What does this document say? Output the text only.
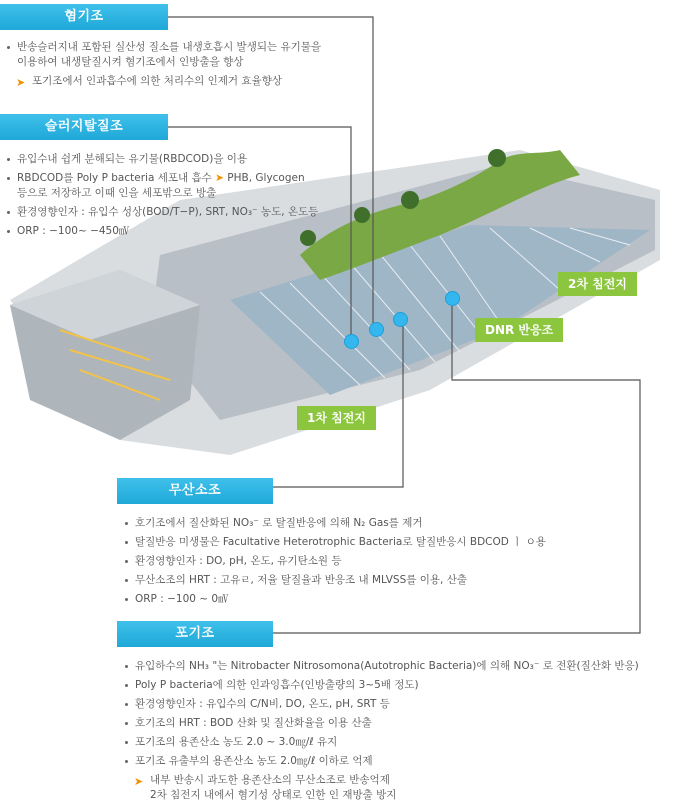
2차 침전지
DNR 반응조
1차 침전지
혐기조
반송슬러지내 포함된 실산성 질소를 내생호흡시 발생되는 유기물을
이용하여 내생탈질시켜 혐기조에서 인방출을 향상
➤ 포기조에서 인과흡수에 의한 처리수의 인제거 효율향상
슬러지탈질조
유입수내 쉽게 분해되는 유기물(RBDCOD)을 이용
RBDCOD를 Poly P bacteria 세포내 흡수 ➤ PHB, Glycogen
등으로 저장하고 이때 인을 세포밖으로 방출
환경영향인자 : 유입수 성상(BOD/T−P), SRT, NO₃⁻ 농도, 온도등
ORP : −100~ −450㎷
무산소조
호기조에서 질산화된 NO₃⁻ 로 탈질반응에 의해 N₂ Gas를 제거
탈질반응 미생물은 Facultative Heterotrophic Bacteria로 탈질반응시 BDCOD ㅣ ㅇ용
환경영향인자 : DO, pH, 온도, 유기탄소원 등
무산소조의 HRT : 고유ㄹ, 저율 탈질율과 반응조 내 MLVSS를 이용, 산출
ORP : −100 ~ 0㎷
포기조
유입하수의 NH₃ "는 Nitrobacter Nitrosomona(Autotrophic Bacteria)에 의해 NO₃⁻ 로 전환(질산화 반응)
Poly P bacteria에 의한 인과잉흡수(인방출량의 3~5배 정도)
환경영향인자 : 유입수의 C/N비, DO, 온도, pH, SRT 등
호기조의 HRT : BOD 산화 및 질산화율을 이용 산출
포기조의 용존산소 농도 2.0 ~ 3.0㎎/ℓ 유지
포기조 유출부의 용존산소 농도 2.0㎎/ℓ 이하로 억제
➤ 내부 반송시 과도한 용존산소의 무산소조로 반송억제
2차 침전지 내에서 혐기성 상태로 인한 인 재방출 방지
